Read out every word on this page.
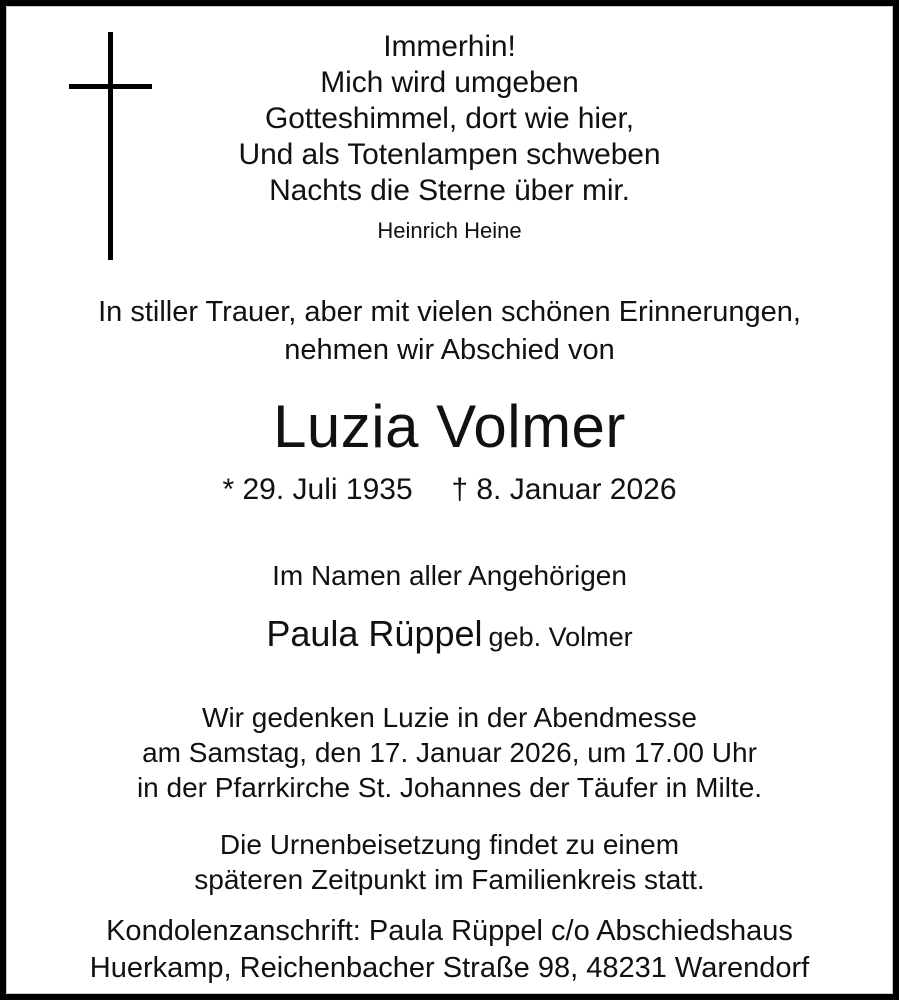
Immerhin!
Mich wird umgeben
Gotteshimmel, dort wie hier,
Und als Totenlampen schweben
Nachts die Sterne über mir.
Heinrich Heine
In stiller Trauer, aber mit vielen schönen Erinnerungen,
nehmen wir Abschied von
Luzia Volmer
* 29. Juli 1935 † 8. Januar 2026
Im Namen aller Angehörigen
Paula Rüppel geb. Volmer
Wir gedenken Luzie in der Abendmesse
am Samstag, den 17. Januar 2026, um 17.00 Uhr
in der Pfarrkirche St. Johannes der Täufer in Milte.
Die Urnenbeisetzung findet zu einem
späteren Zeitpunkt im Familienkreis statt.
Kondolenzanschrift: Paula Rüppel c/o Abschiedshaus
Huerkamp, Reichenbacher Straße 98, 48231 Warendorf
